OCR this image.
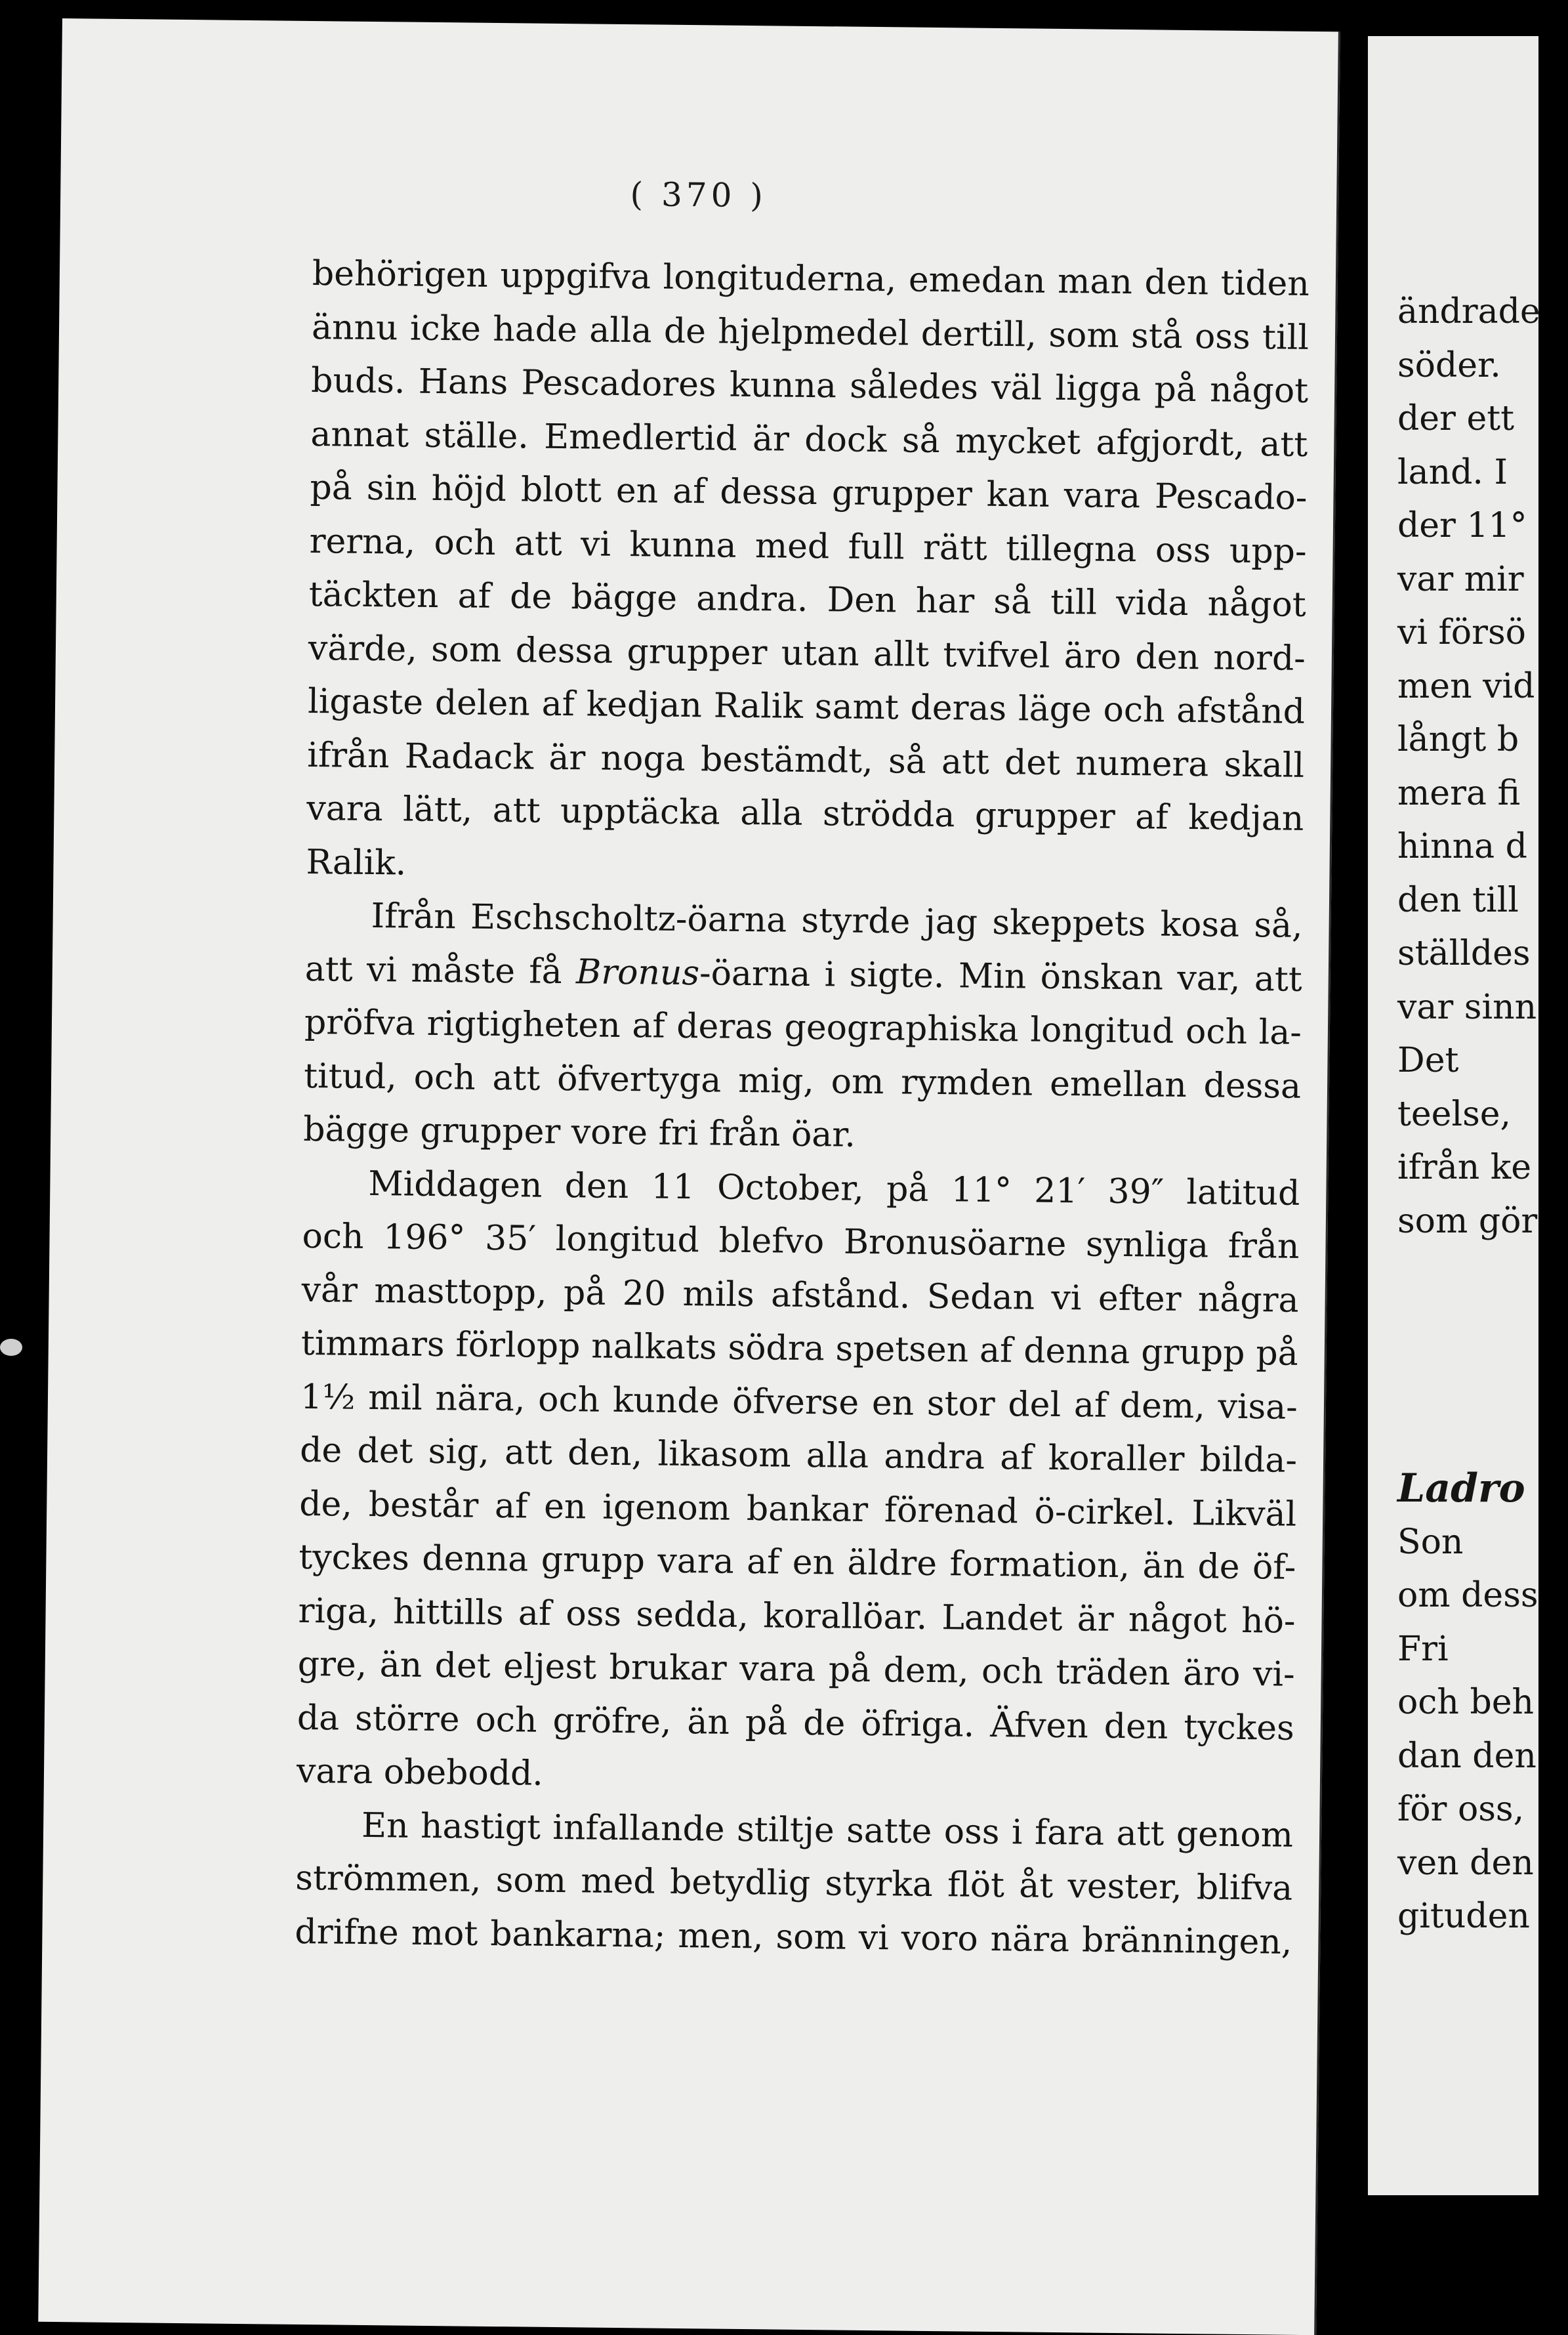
( 370 )
behörigen uppgifva longituderna, emedan man den tiden
ännu icke hade alla de hjelpmedel dertill, som stå oss till
buds. Hans Pescadores kunna således väl ligga på något
annat ställe. Emedlertid är dock så mycket afgjordt, att
på sin höjd blott en af dessa grupper kan vara Pescado-
rerna, och att vi kunna med full rätt tillegna oss upp-
täckten af de bägge andra. Den har så till vida något
värde, som dessa grupper utan allt tvifvel äro den nord-
ligaste delen af kedjan Ralik samt deras läge och afstånd
ifrån Radack är noga bestämdt, så att det numera skall
vara lätt, att upptäcka alla strödda grupper af kedjan
Ralik.
Ifrån Eschscholtz-öarna styrde jag skeppets kosa så,
att vi måste få Bronus-öarna i sigte. Min önskan var, att
pröfva rigtigheten af deras geographiska longitud och la-
titud, och att öfvertyga mig, om rymden emellan dessa
bägge grupper vore fri från öar.
Middagen den 11 October, på 11° 21′ 39″ latitud
och 196° 35′ longitud blefvo Bronusöarne synliga från
vår masttopp, på 20 mils afstånd. Sedan vi efter några
timmars förlopp nalkats södra spetsen af denna grupp på
1½ mil nära, och kunde öfverse en stor del af dem, visa-
de det sig, att den, likasom alla andra af koraller bilda-
de, består af en igenom bankar förenad ö-cirkel. Likväl
tyckes denna grupp vara af en äldre formation, än de öf-
riga, hittills af oss sedda, korallöar. Landet är något hö-
gre, än det eljest brukar vara på dem, och träden äro vi-
da större och gröfre, än på de öfriga. Äfven den tyckes
vara obebodd.
En hastigt infallande stiltje satte oss i fara att genom
strömmen, som med betydlig styrka flöt åt vester, blifva
drifne mot bankarna; men, som vi voro nära bränningen,
ändrade
söder.
der ett
land. I
der 11°
var mir
vi försö
men vid
långt b
mera fi
hinna d
den till
ställdes
var sinn
Det
teelse,
ifrån ke
som gör

Ladro
Son
om dess
Fri
och beh
dan den
för oss,
ven den
gituden
